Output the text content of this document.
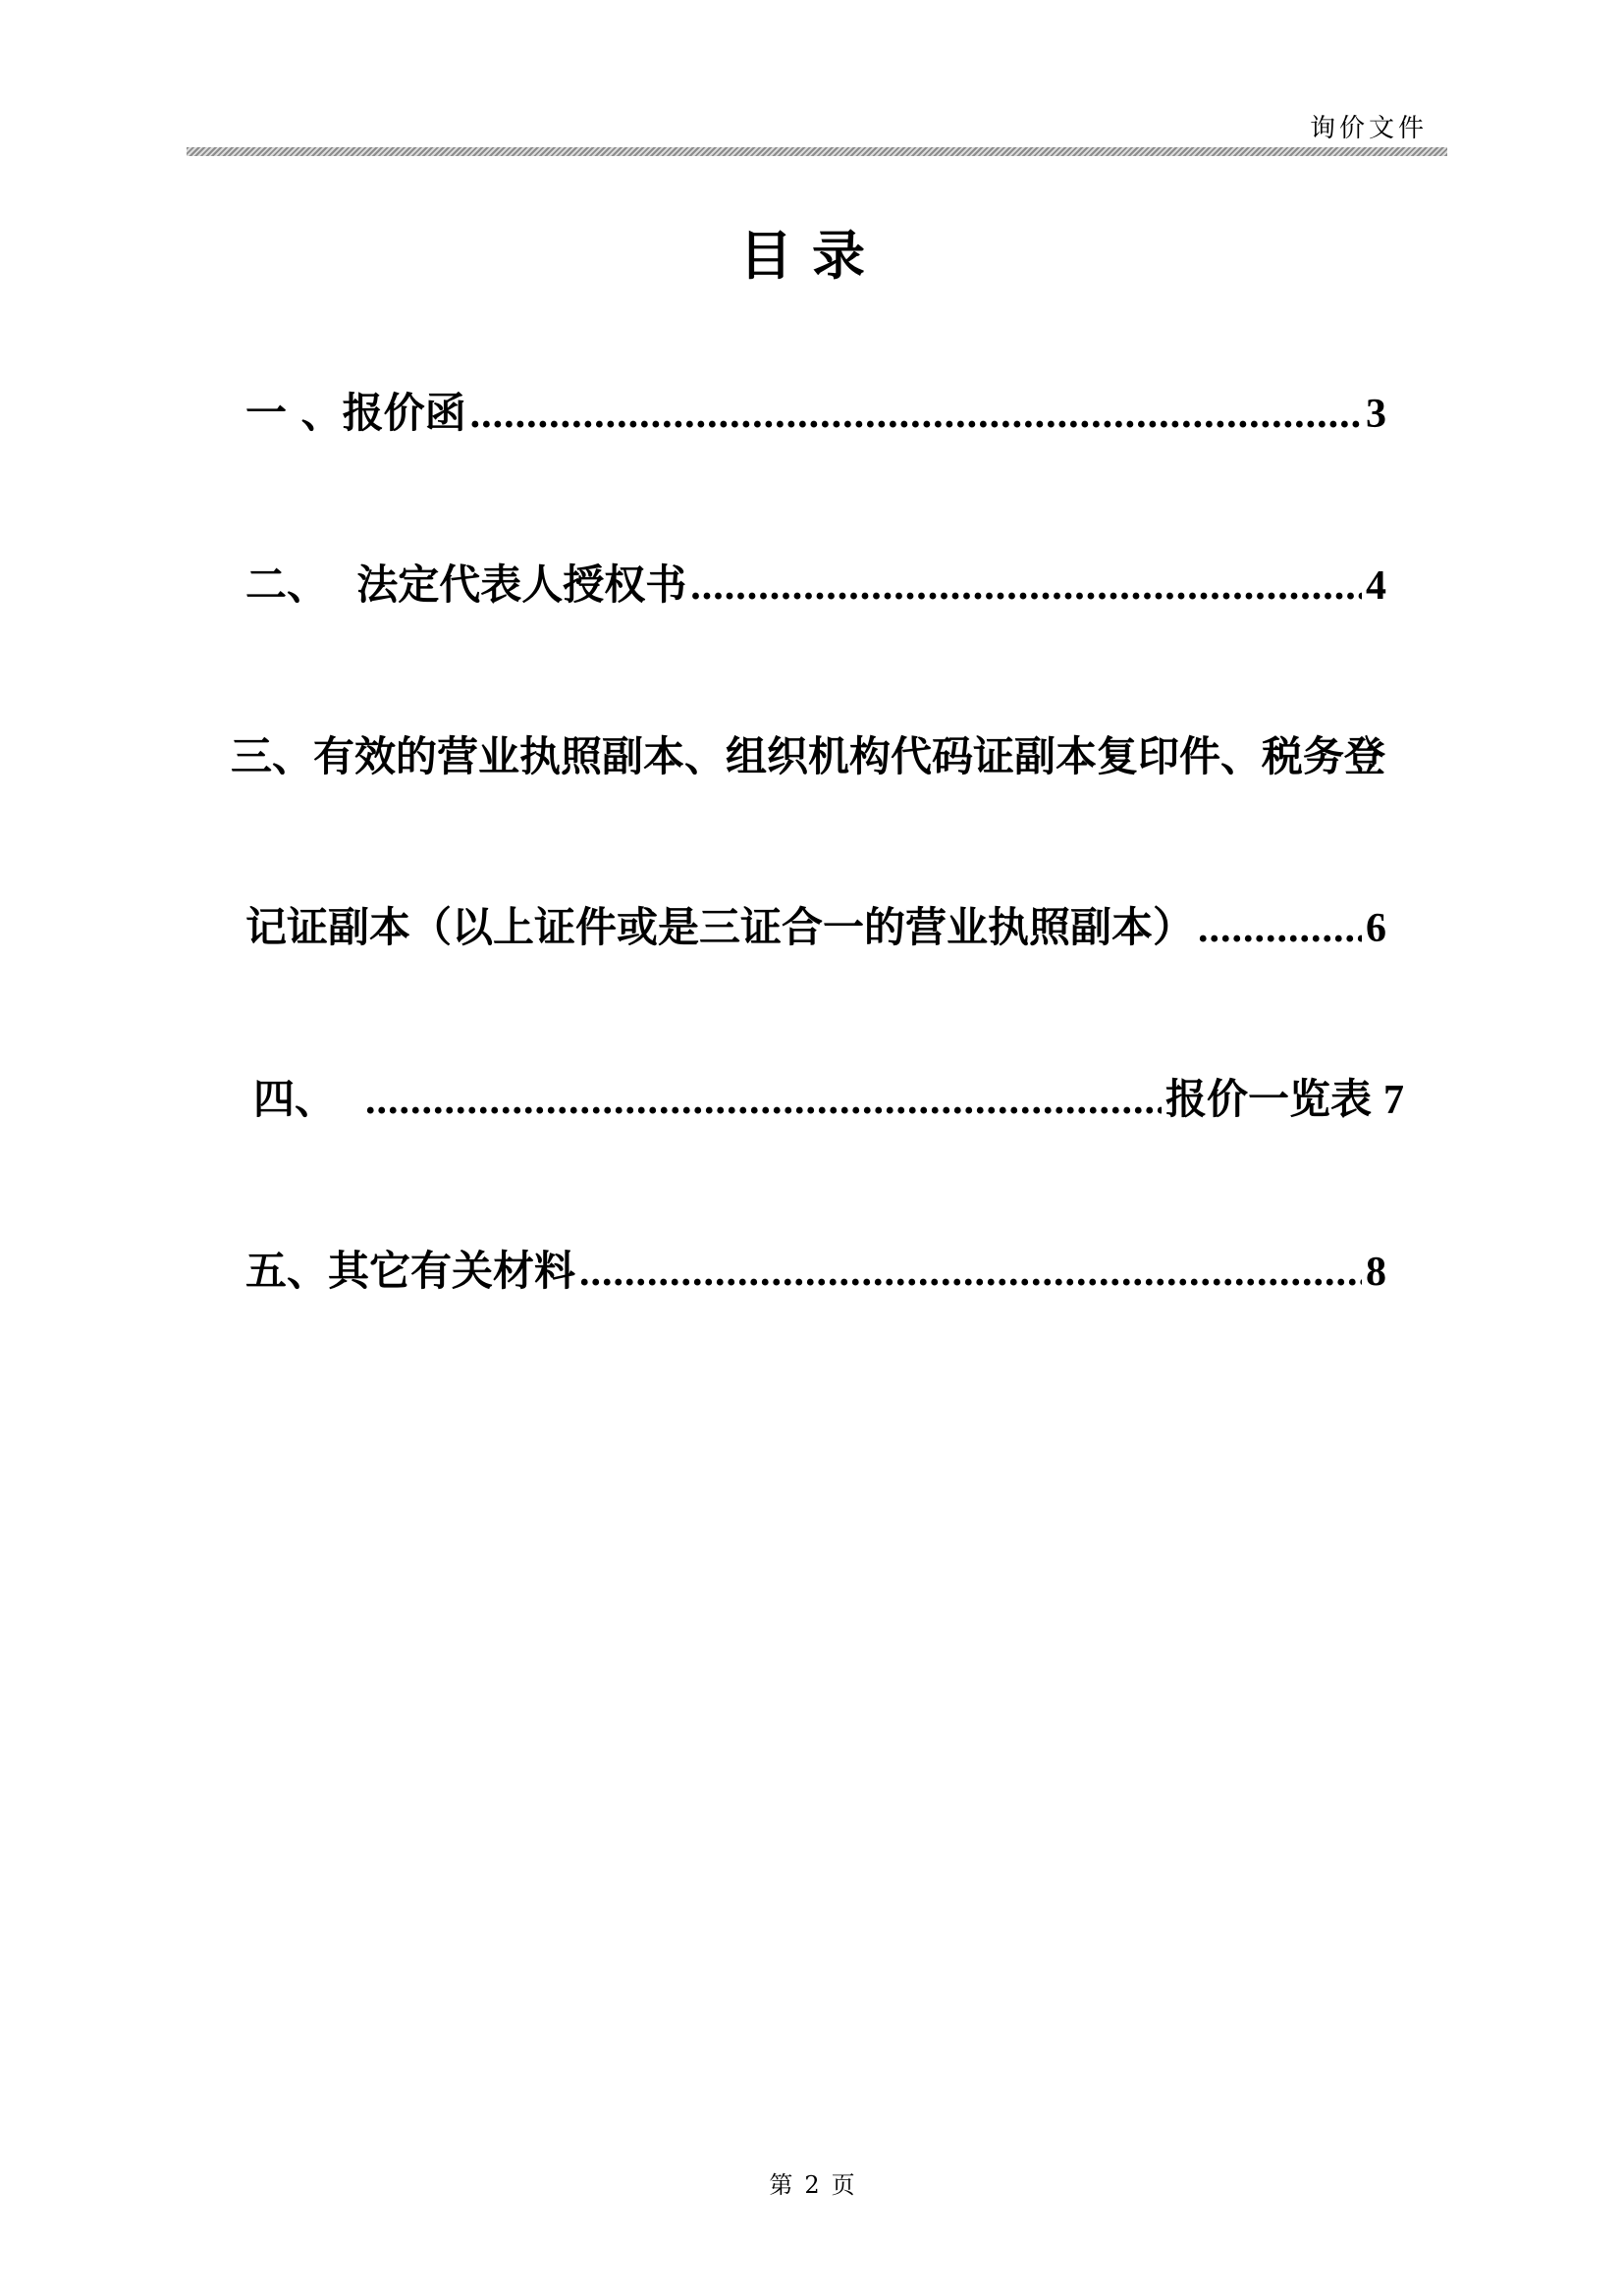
询价文件
目录
一 、报价函 .....	3
二、  法定代表人授权书 .....	4
三、有效的营业执照副本、组织机构代码证副本复印件、税务登
记证副本（以上证件或是三证合一的营业执照副本） .....	6
四、 .....	报价一览表 7
五、其它有关材料 .....	8
第 2 页
